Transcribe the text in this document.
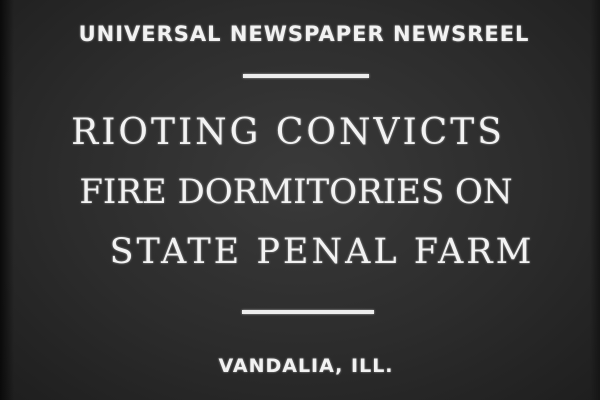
UNIVERSAL NEWSPAPER NEWSREEL
RIOTING CONVICTS
FIRE DORMITORIES ON
STATE PENAL FARM
VANDALIA, ILL.
